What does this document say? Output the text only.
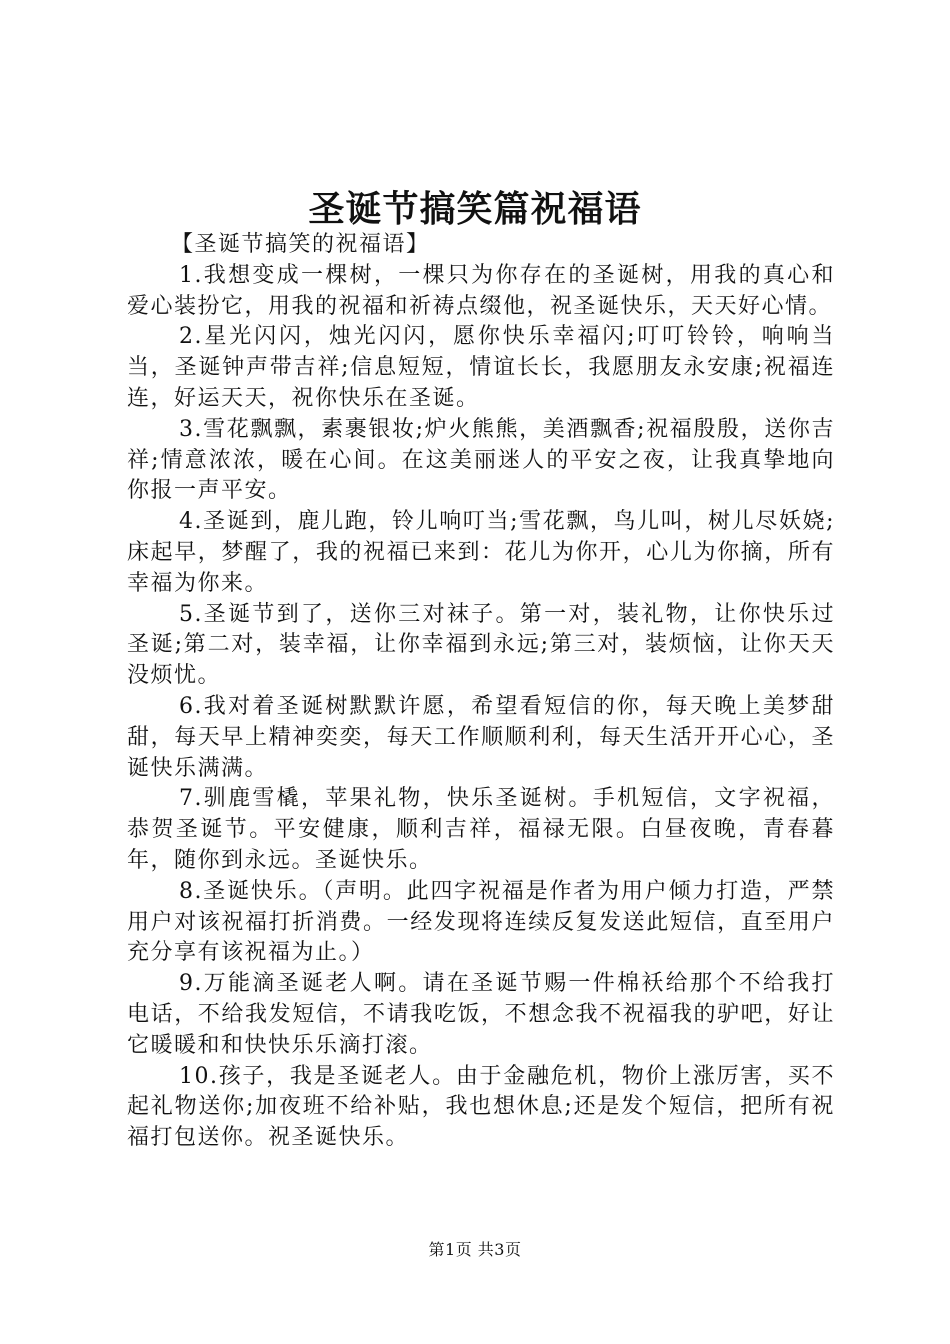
圣诞节搞笑篇祝福语

【圣诞节搞笑的祝福语】

1.我想变成一棵树，一棵只为你存在的圣诞树，用我的真心和爱心装扮它，用我的祝福和祈祷点缀他，祝圣诞快乐，天天好心情。

2.星光闪闪，烛光闪闪，愿你快乐幸福闪;叮叮铃铃，响响当当，圣诞钟声带吉祥;信息短短，情谊长长，我愿朋友永安康;祝福连连，好运天天，祝你快乐在圣诞。

3.雪花飘飘，素裹银妆;炉火熊熊，美酒飘香;祝福殷殷，送你吉祥;情意浓浓，暖在心间。在这美丽迷人的平安之夜，让我真挚地向你报一声平安。

4.圣诞到，鹿儿跑，铃儿响叮当;雪花飘，鸟儿叫，树儿尽妖娆;床起早，梦醒了，我的祝福已来到：花儿为你开，心儿为你摘，所有幸福为你来。

5.圣诞节到了，送你三对袜子。第一对，装礼物，让你快乐过圣诞;第二对，装幸福，让你幸福到永远;第三对，装烦恼，让你天天没烦忧。

6.我对着圣诞树默默许愿，希望看短信的你，每天晚上美梦甜甜，每天早上精神奕奕，每天工作顺顺利利，每天生活开开心心，圣诞快乐满满。

7.驯鹿雪橇，苹果礼物，快乐圣诞树。手机短信，文字祝福，恭贺圣诞节。平安健康，顺利吉祥，福禄无限。白昼夜晚，青春暮年，随你到永远。圣诞快乐。

8.圣诞快乐。（声明。此四字祝福是作者为用户倾力打造，严禁用户对该祝福打折消费。一经发现将连续反复发送此短信，直至用户充分享有该祝福为止。）

9.万能滴圣诞老人啊。请在圣诞节赐一件棉袄给那个不给我打电话，不给我发短信，不请我吃饭，不想念我不祝福我的驴吧，好让它暖暖和和快快乐乐滴打滚。

10.孩子，我是圣诞老人。由于金融危机，物价上涨厉害，买不起礼物送你;加夜班不给补贴，我也想休息;还是发个短信，把所有祝福打包送你。祝圣诞快乐。

第1页 共3页
